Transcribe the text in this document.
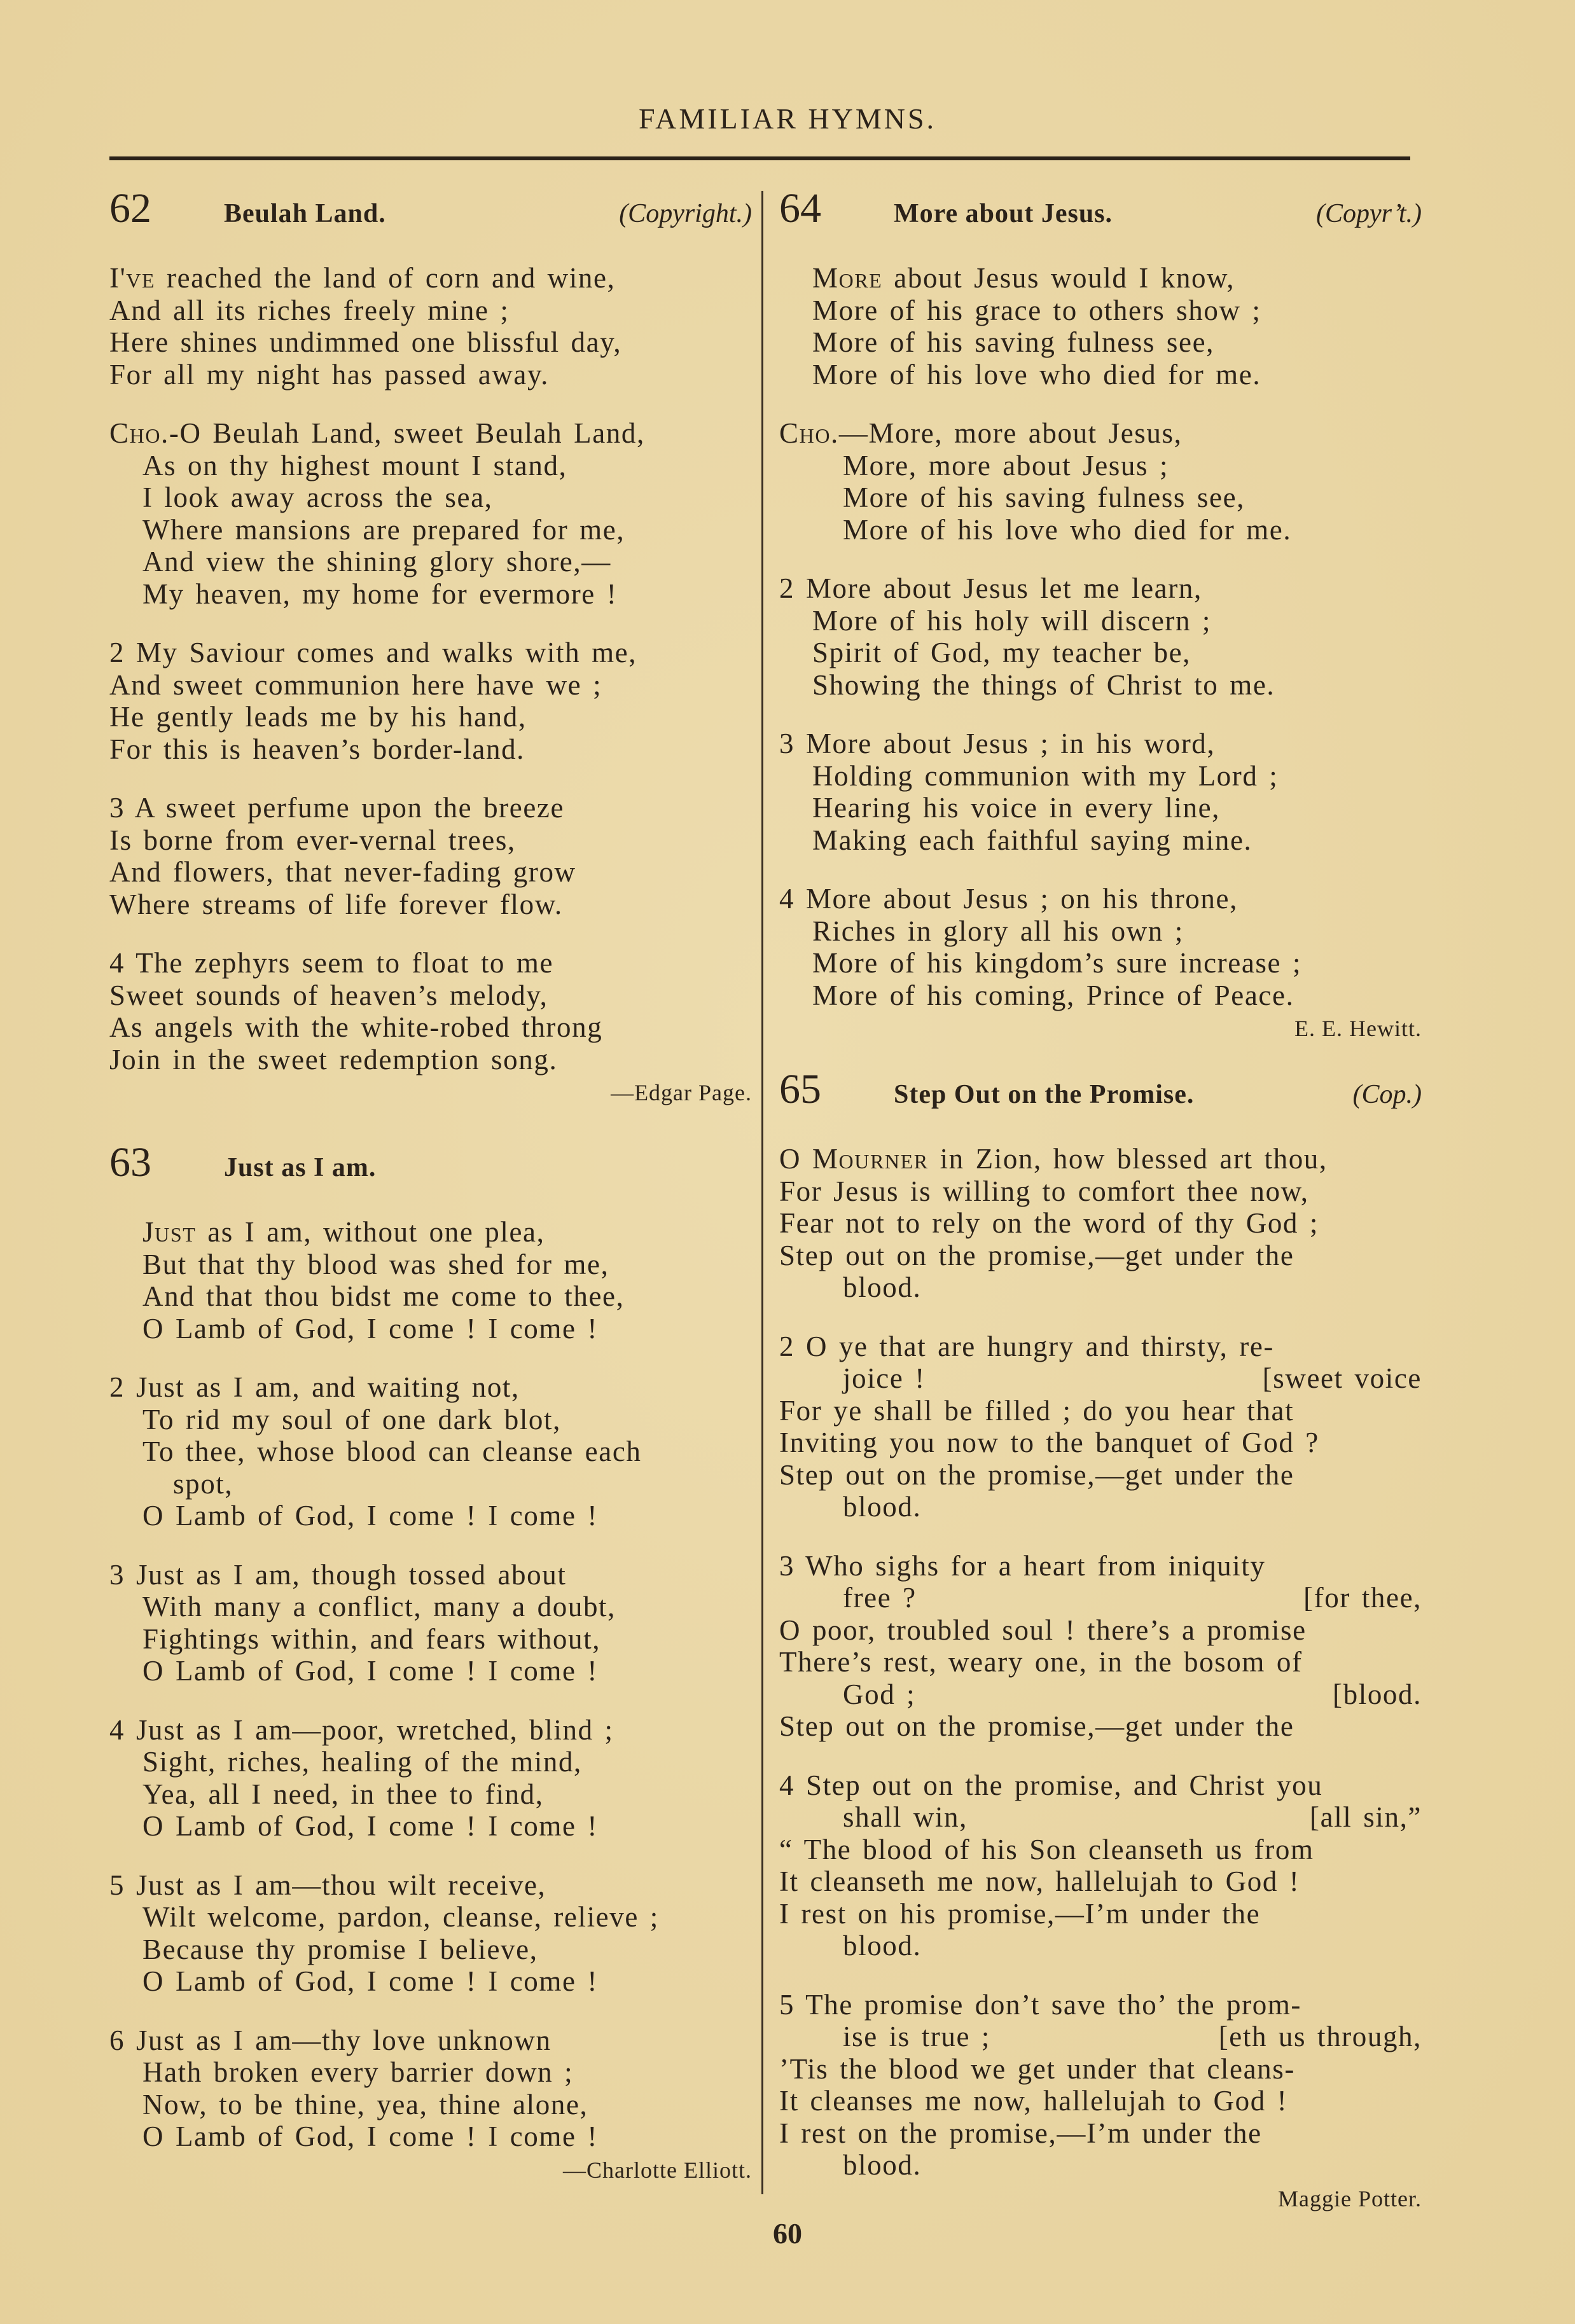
FAMILIAR HYMNS.
62	Beulah Land.	(Copyright.)
I've reached the land of corn and wine,
And all its riches freely mine ;
Here shines undimmed one blissful day,
For all my night has passed away.
Cho.-O Beulah Land, sweet Beulah Land,
As on thy highest mount I stand,
I look away across the sea,
Where mansions are prepared for me,
And view the shining glory shore,—
My heaven, my home for evermore !
2 My Saviour comes and walks with me,
And sweet communion here have we ;
He gently leads me by his hand,
For this is heaven’s border-land.
3 A sweet perfume upon the breeze
Is borne from ever-vernal trees,
And flowers, that never-fading grow
Where streams of life forever flow.
4 The zephyrs seem to float to me
Sweet sounds of heaven’s melody,
As angels with the white-robed throng
Join in the sweet redemption song.
—Edgar Page.
63	Just as I am.
Just as I am, without one plea,
But that thy blood was shed for me,
And that thou bidst me come to thee,
O Lamb of God, I come ! I come !
2 Just as I am, and waiting not,
To rid my soul of one dark blot,
To thee, whose blood can cleanse each
spot,
O Lamb of God, I come ! I come !
3 Just as I am, though tossed about
With many a conflict, many a doubt,
Fightings within, and fears without,
O Lamb of God, I come ! I come !
4 Just as I am—poor, wretched, blind ;
Sight, riches, healing of the mind,
Yea, all I need, in thee to find,
O Lamb of God, I come ! I come !
5 Just as I am—thou wilt receive,
Wilt welcome, pardon, cleanse, relieve ;
Because thy promise I believe,
O Lamb of God, I come ! I come !
6 Just as I am—thy love unknown
Hath broken every barrier down ;
Now, to be thine, yea, thine alone,
O Lamb of God, I come ! I come !
—Charlotte Elliott.
64	More about Jesus.	(Copyr’t.)
More about Jesus would I know,
More of his grace to others show ;
More of his saving fulness see,
More of his love who died for me.
Cho.—More, more about Jesus,
More, more about Jesus ;
More of his saving fulness see,
More of his love who died for me.
2 More about Jesus let me learn,
More of his holy will discern ;
Spirit of God, my teacher be,
Showing the things of Christ to me.
3 More about Jesus ; in his word,
Holding communion with my Lord ;
Hearing his voice in every line,
Making each faithful saying mine.
4 More about Jesus ; on his throne,
Riches in glory all his own ;
More of his kingdom’s sure increase ;
More of his coming, Prince of Peace.
E. E. Hewitt.
65	Step Out on the Promise.	(Cop.)
O Mourner in Zion, how blessed art thou,
For Jesus is willing to comfort thee now,
Fear not to rely on the word of thy God ;
Step out on the promise,—get under the
blood.
2 O ye that are hungry and thirsty, re-
joice !	[sweet voice
For ye shall be filled ; do you hear that
Inviting you now to the banquet of God ?
Step out on the promise,—get under the
blood.
3 Who sighs for a heart from iniquity
free ?	[for thee,
O poor, troubled soul ! there’s a promise
There’s rest, weary one, in the bosom of
God ;	[blood.
Step out on the promise,—get under the
4 Step out on the promise, and Christ you
shall win,	[all sin,”
“ The blood of his Son cleanseth us from
It cleanseth me now, hallelujah to God !
I rest on his promise,—I’m under the
blood.
5 The promise don’t save tho’ the prom-
ise is true ;	[eth us through,
’Tis the blood we get under that cleans-
It cleanses me now, hallelujah to God !
I rest on the promise,—I’m under the
blood.
Maggie Potter.
60
